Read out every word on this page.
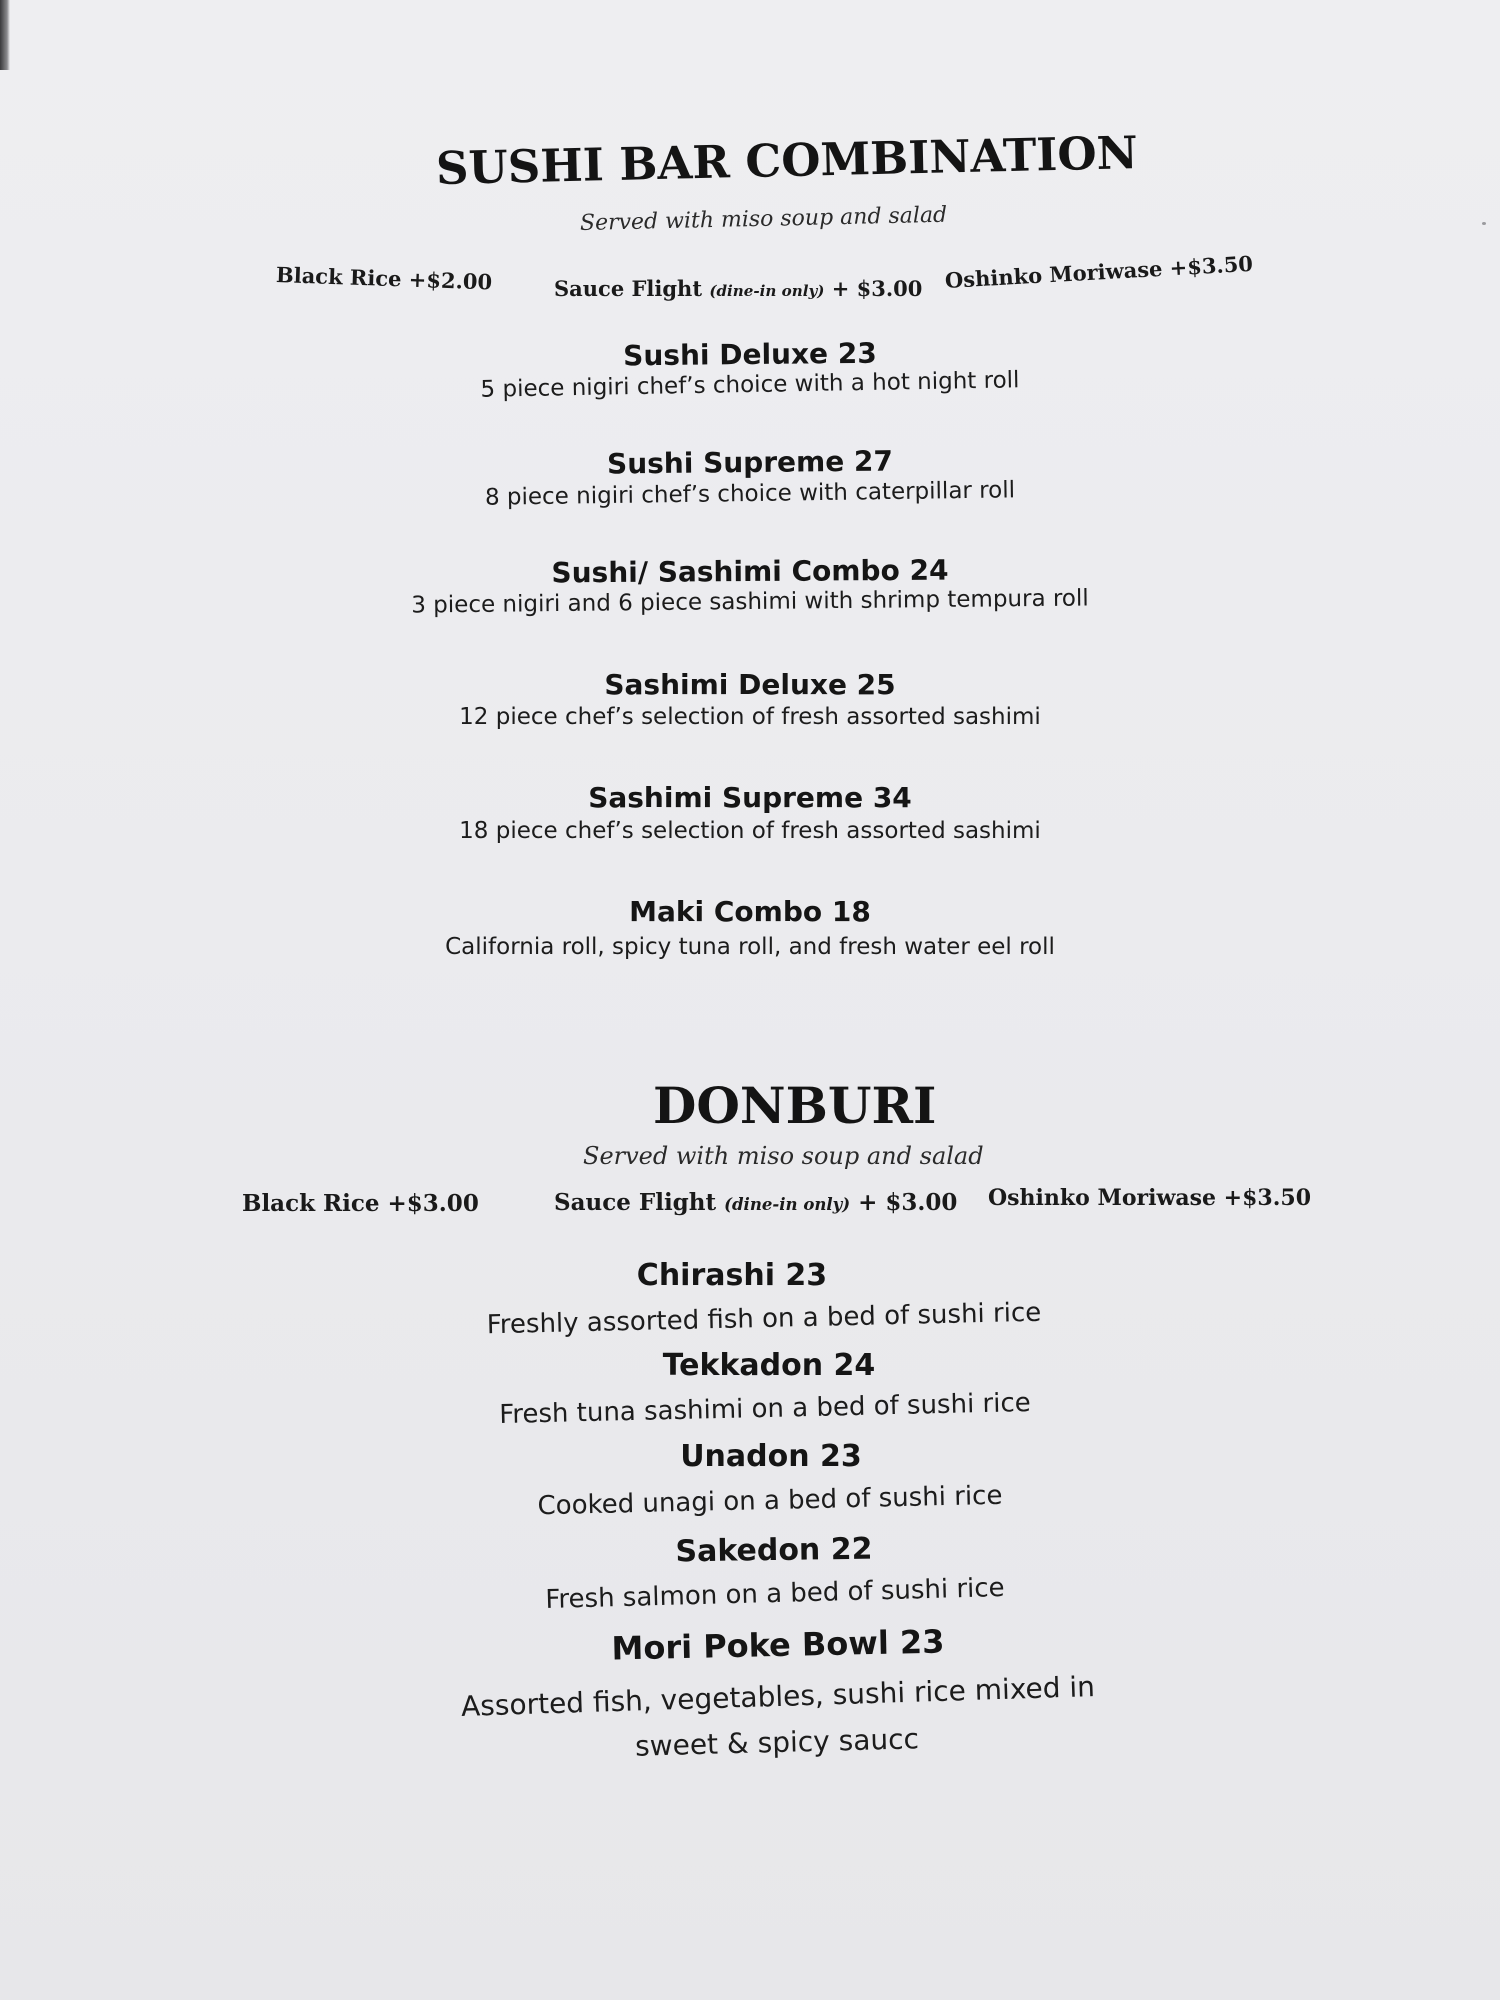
SUSHI BAR COMBINATION
Served with miso soup and salad
Black Rice +$2.00	Sauce Flight (dine-in only) + $3.00 Oshinko Moriwase +$3.50
Sushi Deluxe 23
5 piece nigiri chef’s choice with a hot night roll
Sushi Supreme 27
8 piece nigiri chef’s choice with caterpillar roll
Sushi/ Sashimi Combo 24
3 piece nigiri and 6 piece sashimi with shrimp tempura roll
Sashimi Deluxe 25
12 piece chef’s selection of fresh assorted sashimi
Sashimi Supreme 34
18 piece chef’s selection of fresh assorted sashimi
Maki Combo 18
California roll, spicy tuna roll, and fresh water eel roll
DONBURI
Served with miso soup and salad
Black Rice +$3.00	Sauce Flight (dine-in only) + $3.00 Oshinko Moriwase +$3.50
Chirashi 23
Freshly assorted fish on a bed of sushi rice
Tekkadon 24
Fresh tuna sashimi on a bed of sushi rice
Unadon 23
Cooked unagi on a bed of sushi rice
Sakedon 22
Fresh salmon on a bed of sushi rice
Mori Poke Bowl 23
Assorted fish, vegetables, sushi rice mixed in
sweet & spicy saucc
